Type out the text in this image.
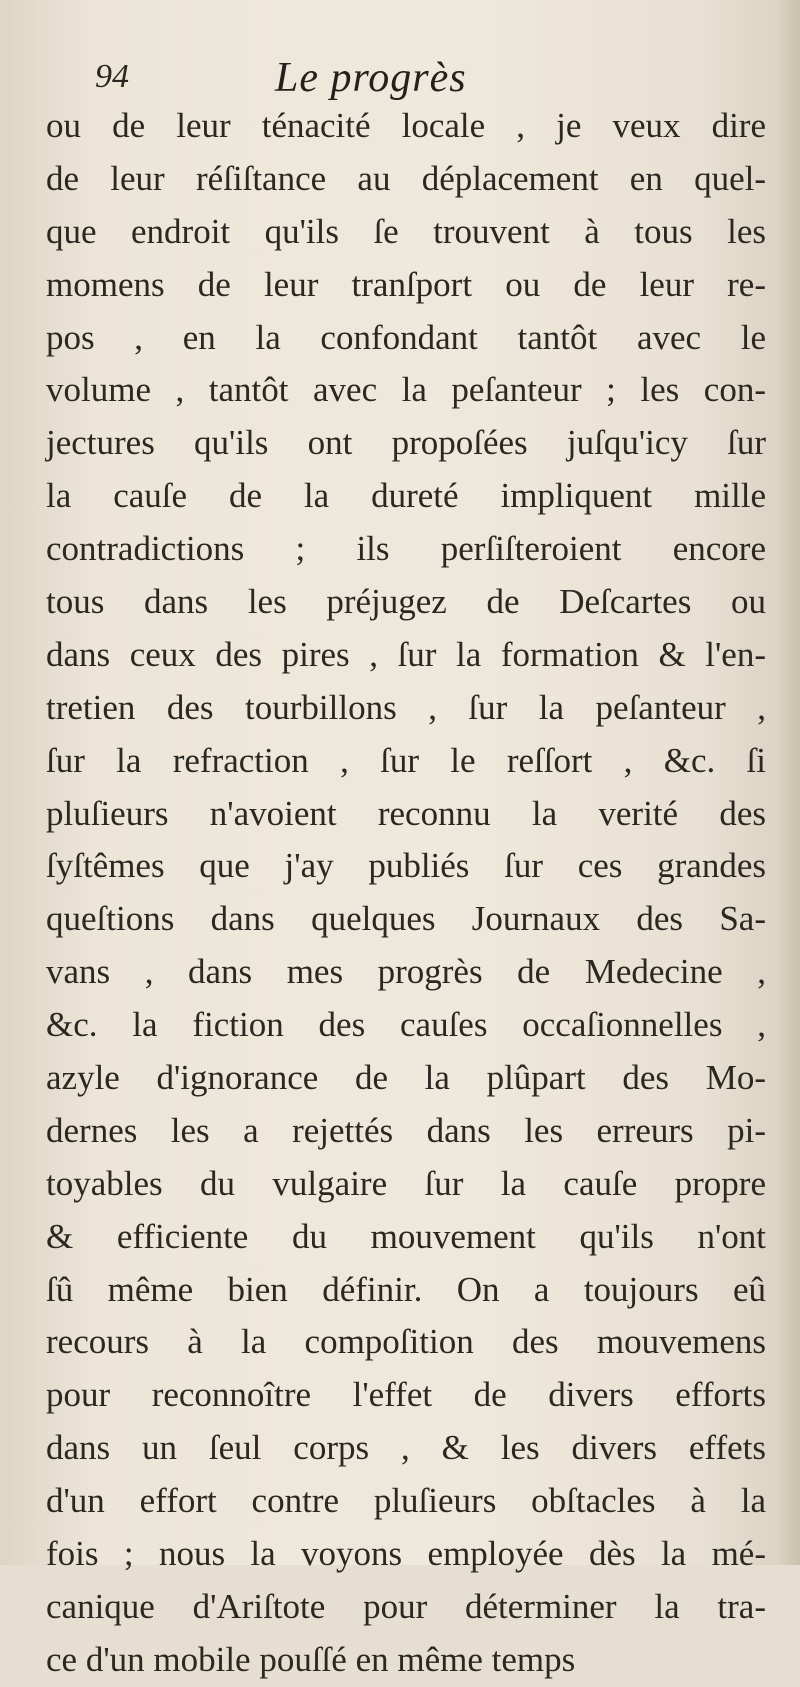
94	Le progrès
ou de leur ténacité locale , je veux dire
de leur réſiſtance au déplacement en quel-
que endroit qu'ils ſe trouvent à tous les
momens de leur tranſport ou de leur re-
pos , en la confondant tantôt avec le
volume , tantôt avec la peſanteur ; les con-
jectures qu'ils ont propoſées juſqu'icy ſur
la cauſe de la dureté impliquent mille
contradictions ; ils perſiſteroient encore
tous dans les préjugez de Deſcartes ou
dans ceux des pires , ſur la formation & l'en-
tretien des tourbillons , ſur la peſanteur ,
ſur la refraction , ſur le reſſort , &c. ſi
pluſieurs n'avoient reconnu la verité des
ſyſtêmes que j'ay publiés ſur ces grandes
queſtions dans quelques Journaux des Sa-
vans , dans mes progrès de Medecine ,
&c. la fiction des cauſes occaſionnelles ,
azyle d'ignorance de la plûpart des Mo-
dernes les a rejettés dans les erreurs pi-
toyables du vulgaire ſur la cauſe propre
& efficiente du mouvement qu'ils n'ont
ſû même bien définir. On a toujours eû
recours à la compoſition des mouvemens
pour reconnoître l'effet de divers efforts
dans un ſeul corps , & les divers effets
d'un effort contre pluſieurs obſtacles à la
fois ; nous la voyons employée dès la mé-
canique d'Ariſtote pour déterminer la tra-
ce d'un mobile pouſſé en même temps
